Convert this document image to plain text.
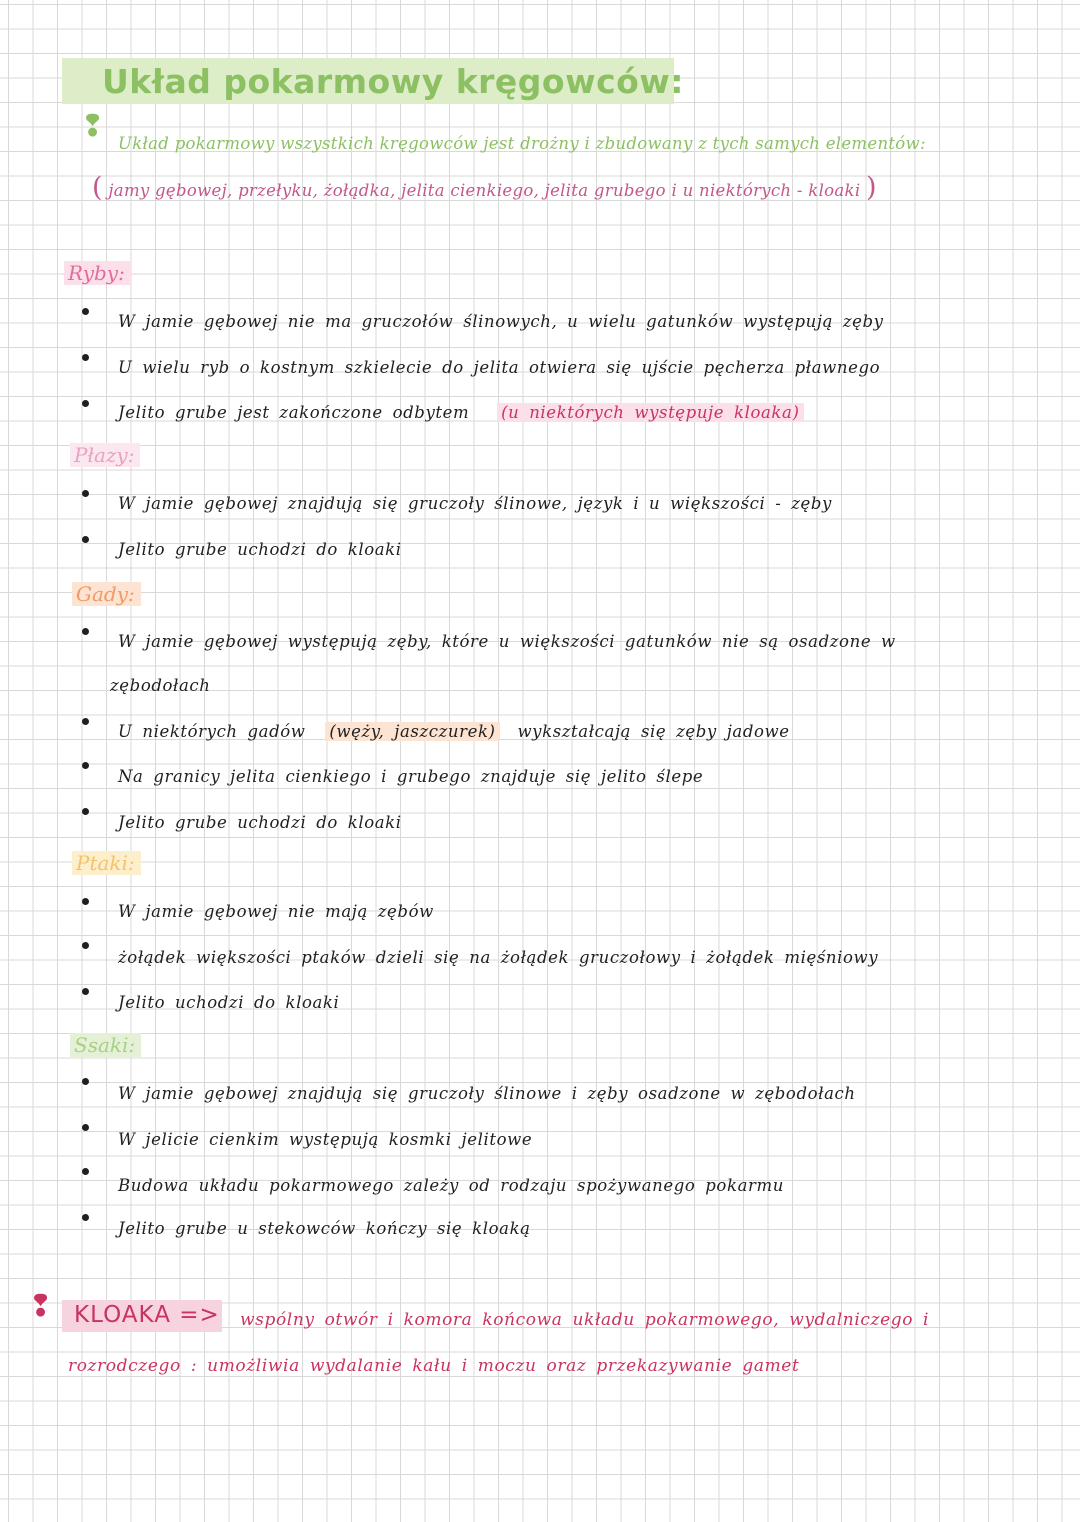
Układ pokarmowy kręgowców:
❢ Układ pokarmowy wszystkich kręgowców jest drożny i zbudowany z tych samych elementów:
( jamy gębowej, przełyku, żołądka, jelita cienkiego, jelita grubego i u niektórych - kloaki )
Ryby:
W jamie gębowej nie ma gruczołów ślinowych, u wielu gatunków występują zęby
U wielu ryb o kostnym szkielecie do jelita otwiera się ujście pęcherza pławnego
Jelito grube jest zakończone odbytem (u niektórych występuje kloaka)
Płazy:
W jamie gębowej znajdują się gruczoły ślinowe, język i u większości - zęby
Jelito grube uchodzi do kloaki
Gady:
W jamie gębowej występują zęby, które u większości gatunków nie są osadzone w
zębodołach
U niektórych gadów (węży, jaszczurek) wykształcają się zęby jadowe
Na granicy jelita cienkiego i grubego znajduje się jelito ślepe
Jelito grube uchodzi do kloaki
Ptaki:
W jamie gębowej nie mają zębów
żołądek większości ptaków dzieli się na żołądek gruczołowy i żołądek mięśniowy
Jelito uchodzi do kloaki
Ssaki:
W jamie gębowej znajdują się gruczoły ślinowe i zęby osadzone w zębodołach
W jelicie cienkim występują kosmki jelitowe
Budowa układu pokarmowego zależy od rodzaju spożywanego pokarmu
Jelito grube u stekowców kończy się kloaką
❢ KLOAKA => wspólny otwór i komora końcowa układu pokarmowego, wydalniczego i
rozrodczego : umożliwia wydalanie kału i moczu oraz przekazywanie gamet
